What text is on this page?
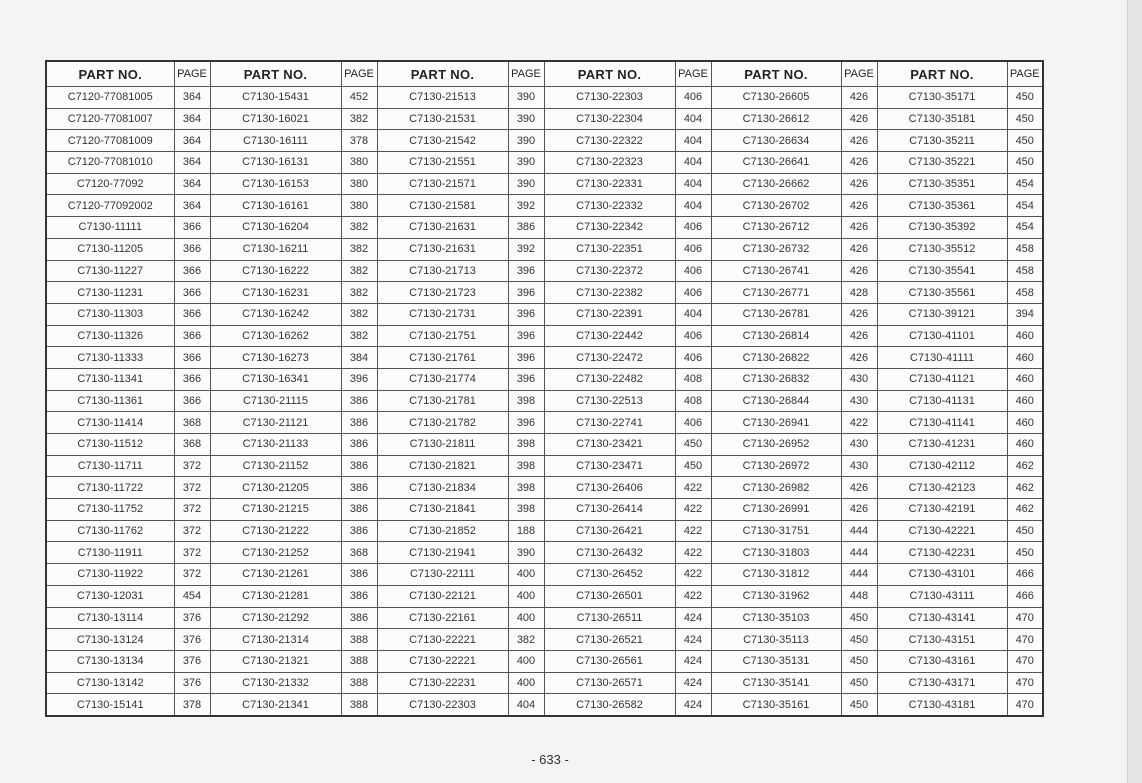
PART NO.	PAGE	PART NO.	PAGE	PART NO.	PAGE	PART NO.	PAGE	PART NO.	PAGE	PART NO.	PAGE
C7120-77081005	364	C7130-15431	452	C7130-21513	390	C7130-22303	406	C7130-26605	426	C7130-35171	450
C7120-77081007	364	C7130-16021	382	C7130-21531	390	C7130-22304	404	C7130-26612	426	C7130-35181	450
C7120-77081009	364	C7130-16111	378	C7130-21542	390	C7130-22322	404	C7130-26634	426	C7130-35211	450
C7120-77081010	364	C7130-16131	380	C7130-21551	390	C7130-22323	404	C7130-26641	426	C7130-35221	450
C7120-77092	364	C7130-16153	380	C7130-21571	390	C7130-22331	404	C7130-26662	426	C7130-35351	454
C7120-77092002	364	C7130-16161	380	C7130-21581	392	C7130-22332	404	C7130-26702	426	C7130-35361	454
C7130-11111	366	C7130-16204	382	C7130-21631	386	C7130-22342	406	C7130-26712	426	C7130-35392	454
C7130-11205	366	C7130-16211	382	C7130-21631	392	C7130-22351	406	C7130-26732	426	C7130-35512	458
C7130-11227	366	C7130-16222	382	C7130-21713	396	C7130-22372	406	C7130-26741	426	C7130-35541	458
C7130-11231	366	C7130-16231	382	C7130-21723	396	C7130-22382	406	C7130-26771	428	C7130-35561	458
C7130-11303	366	C7130-16242	382	C7130-21731	396	C7130-22391	404	C7130-26781	426	C7130-39121	394
C7130-11326	366	C7130-16262	382	C7130-21751	396	C7130-22442	406	C7130-26814	426	C7130-41101	460
C7130-11333	366	C7130-16273	384	C7130-21761	396	C7130-22472	406	C7130-26822	426	C7130-41111	460
C7130-11341	366	C7130-16341	396	C7130-21774	396	C7130-22482	408	C7130-26832	430	C7130-41121	460
C7130-11361	366	C7130-21115	386	C7130-21781	398	C7130-22513	408	C7130-26844	430	C7130-41131	460
C7130-11414	368	C7130-21121	386	C7130-21782	396	C7130-22741	406	C7130-26941	422	C7130-41141	460
C7130-11512	368	C7130-21133	386	C7130-21811	398	C7130-23421	450	C7130-26952	430	C7130-41231	460
C7130-11711	372	C7130-21152	386	C7130-21821	398	C7130-23471	450	C7130-26972	430	C7130-42112	462
C7130-11722	372	C7130-21205	386	C7130-21834	398	C7130-26406	422	C7130-26982	426	C7130-42123	462
C7130-11752	372	C7130-21215	386	C7130-21841	398	C7130-26414	422	C7130-26991	426	C7130-42191	462
C7130-11762	372	C7130-21222	386	C7130-21852	188	C7130-26421	422	C7130-31751	444	C7130-42221	450
C7130-11911	372	C7130-21252	368	C7130-21941	390	C7130-26432	422	C7130-31803	444	C7130-42231	450
C7130-11922	372	C7130-21261	386	C7130-22111	400	C7130-26452	422	C7130-31812	444	C7130-43101	466
C7130-12031	454	C7130-21281	386	C7130-22121	400	C7130-26501	422	C7130-31962	448	C7130-43111	466
C7130-13114	376	C7130-21292	386	C7130-22161	400	C7130-26511	424	C7130-35103	450	C7130-43141	470
C7130-13124	376	C7130-21314	388	C7130-22221	382	C7130-26521	424	C7130-35113	450	C7130-43151	470
C7130-13134	376	C7130-21321	388	C7130-22221	400	C7130-26561	424	C7130-35131	450	C7130-43161	470
C7130-13142	376	C7130-21332	388	C7130-22231	400	C7130-26571	424	C7130-35141	450	C7130-43171	470
C7130-15141	378	C7130-21341	388	C7130-22303	404	C7130-26582	424	C7130-35161	450	C7130-43181	470
- 633 -
